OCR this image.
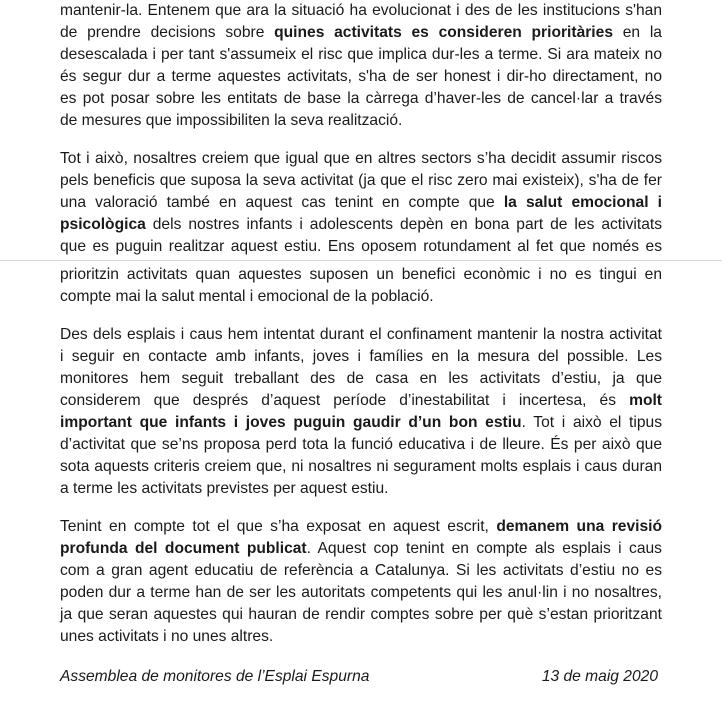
mantenir-la. Entenem que ara la situació ha evolucionat i des de les institucions s'han
de prendre decisions sobre quines activitats es consideren prioritàries en la
desescalada i per tant s'assumeix el risc que implica dur-les a terme. Si ara mateix no
és segur dur a terme aquestes activitats, s'ha de ser honest i dir-ho directament, no
es pot posar sobre les entitats de base la càrrega d’haver-les de cancel·lar a través
de mesures que impossibiliten la seva realització.
Tot i això, nosaltres creiem que igual que en altres sectors s’ha decidit assumir riscos
pels beneficis que suposa la seva activitat (ja que el risc zero mai existeix), s'ha de fer
una valoració també en aquest cas tenint en compte que la salut emocional i
psicològica dels nostres infants i adolescents depèn en bona part de les activitats
que es puguin realitzar aquest estiu. Ens oposem rotundament al fet que només es
prioritzin activitats quan aquestes suposen un benefici econòmic i no es tingui en
compte mai la salut mental i emocional de la població.
Des dels esplais i caus hem intentat durant el confinament mantenir la nostra activitat
i seguir en contacte amb infants, joves i famílies en la mesura del possible. Les
monitores hem seguit treballant des de casa en les activitats d’estiu, ja que
considerem que després d’aquest període d’inestabilitat i incertesa, és molt
important que infants i joves puguin gaudir d’un bon estiu. Tot i això el tipus
d’activitat que se’ns proposa perd tota la funció educativa i de lleure. És per això que
sota aquests criteris creiem que, ni nosaltres ni segurament molts esplais i caus duran
a terme les activitats previstes per aquest estiu.
Tenint en compte tot el que s’ha exposat en aquest escrit, demanem una revisió
profunda del document publicat. Aquest cop tenint en compte als esplais i caus
com a gran agent educatiu de referència a Catalunya. Si les activitats d’estiu no es
poden dur a terme han de ser les autoritats competents qui les anul·lin i no nosaltres,
ja que seran aquestes qui hauran de rendir comptes sobre per què s’estan prioritzant
unes activitats i no unes altres.
Assemblea de monitores de l’Esplai Espurna	13 de maig 2020
